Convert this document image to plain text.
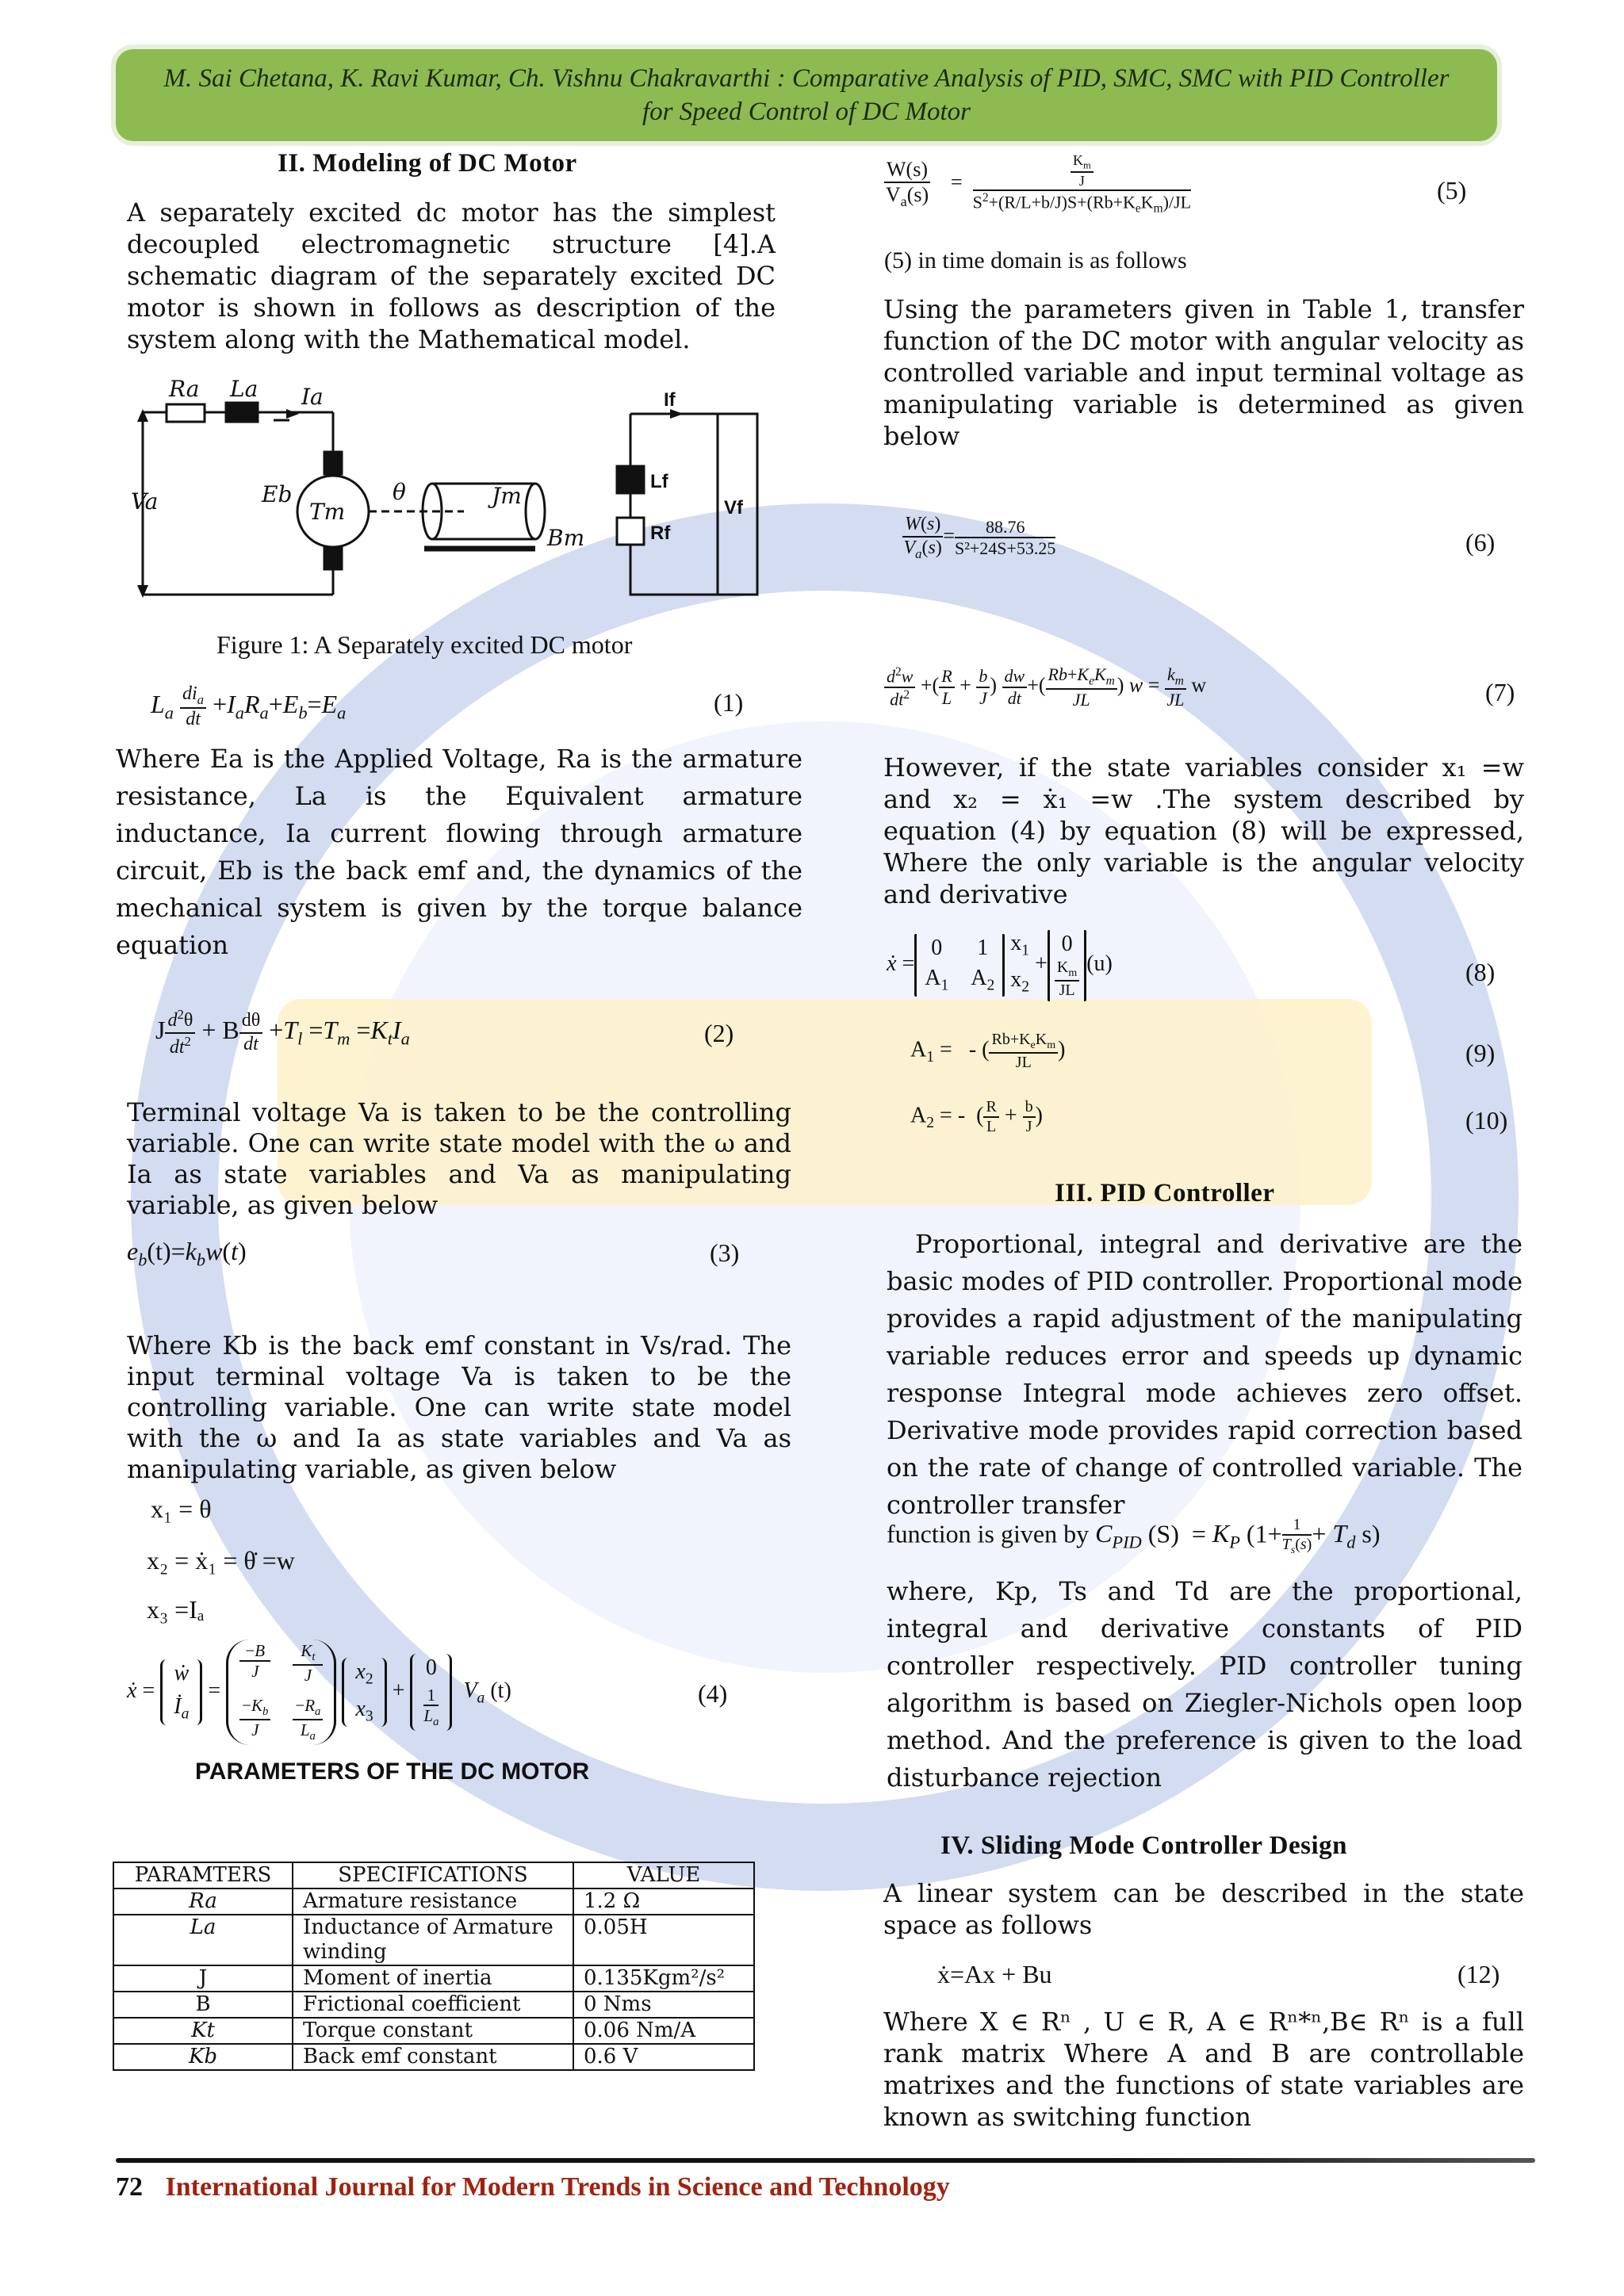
M. Sai Chetana, K. Ravi Kumar, Ch. Vishnu Chakravarthi : Comparative Analysis of PID, SMC, SMC with PID Controller
for Speed Control of DC Motor
II. Modeling of DC Motor
A separately excited dc motor has the simplest decoupled electromagnetic structure [4].A schematic diagram of the separately excited DC motor is shown in follows as description of the system along with the Mathematical model.
Ra La Ia
Va	Eb
Tm
θ	Jm
Bm
If
Lf
Rf
Vf
Figure 1: A Separately excited DC motor
$L_a \frac{di_a}{dt} +I_aR_a+E_b=E_a$	(1)
Where Ea is the Applied Voltage, Ra is the armature resistance, La is the Equivalent armature inductance, Ia current flowing through armature circuit, Eb is the back emf and, the dynamics of the mechanical system is given by the torque balance equation
J $\frac{d^2\theta}{dt^2} + B \frac{d\theta}{dt} +T_l =T_m =K_tI_a$	(2)
Terminal voltage Va is taken to be the controlling variable. One can write state model with the ω and Ia as state variables and Va as manipulating variable, as given below
$e_b(t)=k_bw(t)$	(3)
Where Kb is the back emf constant in Vs/rad. The input terminal voltage Va is taken to be the controlling variable. One can write state model with the ω and Ia as state variables and Va as manipulating variable, as given below
x₁ = θ
x₂ = ẋ₁ = θ̇ =w
x₃ =Iₐ
ẋ =
ẇ
$İ_a$
=
$\frac{-B}{J} \frac{K_t}{J}$
$\frac{-K_b}{J} \frac{-R_a}{L_a}$

$x_2$
$x_3$
+
0
$\frac{1}{L_a} V_a$ (t)	(4)
PARAMETERS OF THE DC MOTOR
PARAMTERS	SPECIFICATIONS	VALUE
Ra	Armature resistance	1.2 Ω
La	Inductance of Armature winding	0.05H
J	Moment of inertia	0.135Kgm²/s²
B	Frictional coefficient	0 Nms
Kt	Torque constant	0.06 Nm/A
Kb	Back emf constant	0.6 V
$\frac{W(s)}{V_a(s)} = \frac{\frac{K_m}{J}}{S^2+(R/L+b/J)S+(Rb+K_eK_m)/JL}$	(5)
(5) in time domain is as follows
Using the parameters given in Table 1, transfer function of the DC motor with angular velocity as controlled variable and input terminal voltage as manipulating variable is determined as given below
$\frac{W(s)}{V_a(s)} = \frac{88.76}{\text{S²+24S+53.25}}$	(6)
$\frac{d^2w}{dt^2}$ +( $\frac{R}{L} + \frac{b}{J}$ ) $\frac{dw}{dt}$ +( $\frac{Rb+K_eK_m}{JL}$ ) $w = \frac{k_m}{JL}$ w	(7)
However, if the state variables consider x₁ =w and x₂ = ẋ₁ =w .The system described by equation (4) by equation (8) will be expressed, Where the only variable is the angular velocity and derivative
ẋ =
0 1
$A_1$ $A_2$

$x_1$
$x_2$
+
0
$\frac{K_m}{JL} (u)$	(8)
$A_1$ =   - ( $\frac{Rb+K_eK_m}{JL}$ )	(9)
$A_2$ = -  ( $\frac{R}{L} + \frac{b}{J}$ )	(10)
III. PID Controller
Proportional, integral and derivative are the basic modes of PID controller. Proportional mode provides a rapid adjustment of the manipulating variable reduces error and speeds up dynamic response Integral mode achieves zero offset. Derivative mode provides rapid correction based on the rate of change of controlled variable. The controller transfer
function is given by $C_{PID}$ $(S) = K_P$ ($1+ \frac{1}{T_s(s)} + T_d$ s)
where, Kp, Ts and Td are the proportional, integral and derivative constants of PID controller respectively. PID controller tuning algorithm is based on Ziegler-Nichols open loop method. And the preference is given to the load disturbance rejection
IV. Sliding Mode Controller Design
A linear system can be described in the state space as follows
ẋ=Ax + Bu	(12)
Where X ∈ Rⁿ , U ∈ R, A ∈ Rⁿ*ⁿ,B∈ Rⁿ is a full rank matrix Where A and B are controllable matrixes and the functions of state variables are known as switching function
72 International Journal for Modern Trends in Science and Technology
